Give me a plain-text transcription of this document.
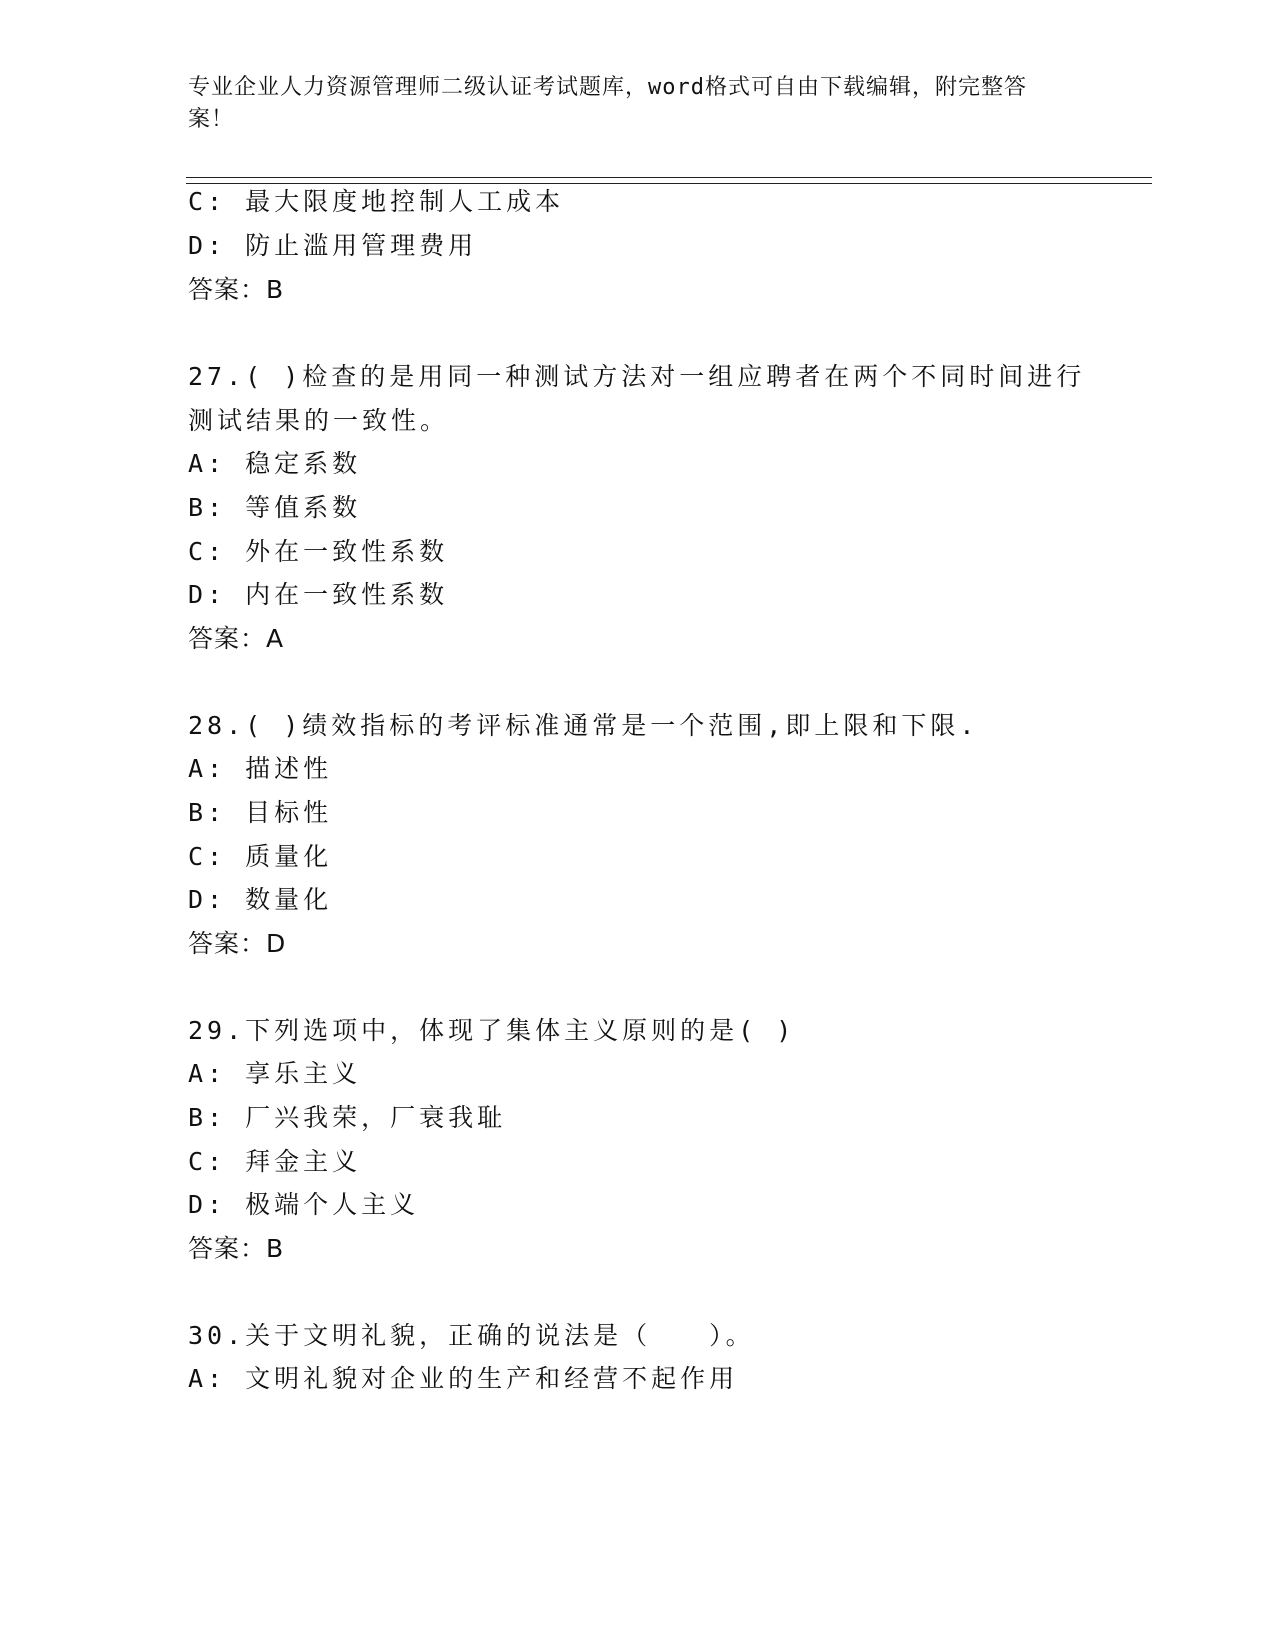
专业企业人力资源管理师二级认证考试题库，word格式可自由下载编辑，附完整答案！
C: 最大限度地控制人工成本
D: 防止滥用管理费用
答案：B
27.( )检查的是用同一种测试方法对一组应聘者在两个不同时间进行
测试结果的一致性。
A: 稳定系数
B: 等值系数
C: 外在一致性系数
D: 内在一致性系数
答案：A
28.( )绩效指标的考评标准通常是一个范围,即上限和下限.
A: 描述性
B: 目标性
C: 质量化
D: 数量化
答案：D
29.下列选项中，体现了集体主义原则的是( )
A: 享乐主义
B: 厂兴我荣，厂衰我耻
C: 拜金主义
D: 极端个人主义
答案：B
30.关于文明礼貌，正确的说法是（　　）。
A: 文明礼貌对企业的生产和经营不起作用
